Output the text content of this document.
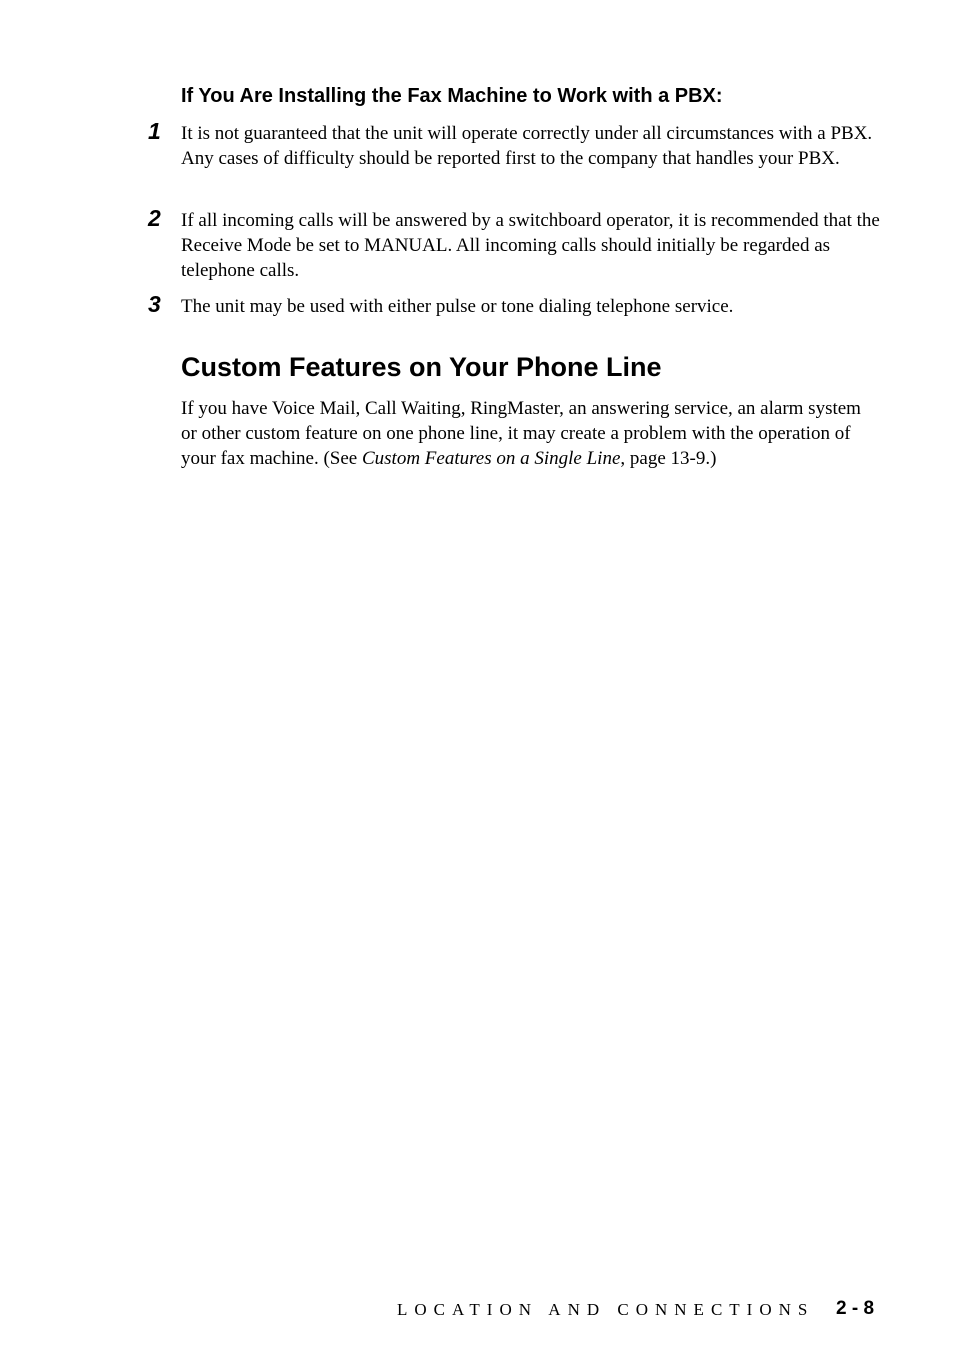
If You Are Installing the Fax Machine to Work with a PBX:
1 It is not guaranteed that the unit will operate correctly under all circumstances with a PBX. Any cases of difficulty should be reported first to the company that handles your PBX.

2 If all incoming calls will be answered by a switchboard operator, it is recommended that the Receive Mode be set to MANUAL. All incoming calls should initially be regarded as telephone calls.

3 The unit may be used with either pulse or tone dialing telephone service.

Custom Features on Your Phone Line

If you have Voice Mail, Call Waiting, RingMaster, an answering service, an alarm system or other custom feature on one phone line, it may create a problem with the operation of your fax machine. (See Custom Features on a Single Line, page 13-9.)

LOCATION AND CONNECTIONS 2 - 8
